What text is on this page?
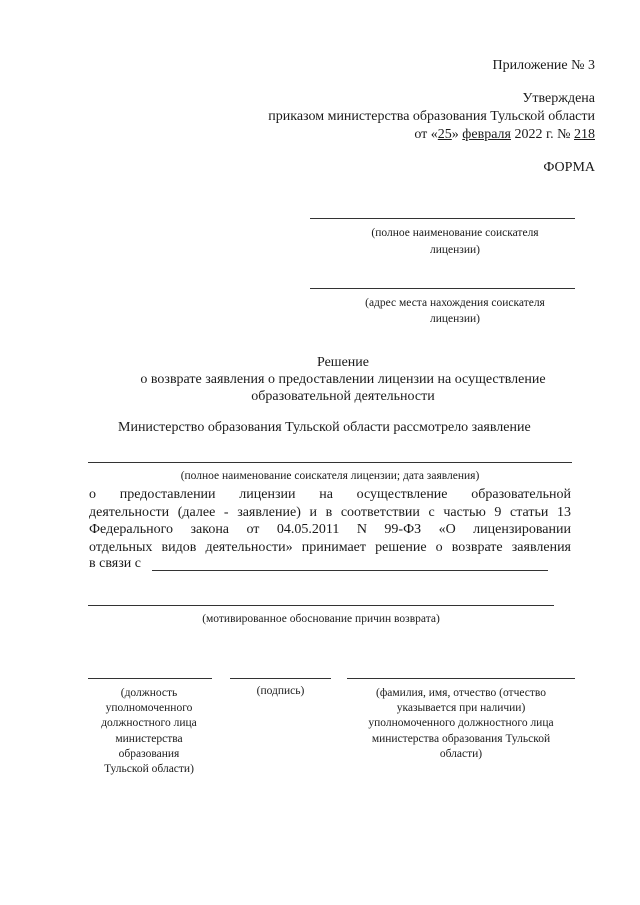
Приложение № 3
Утверждена
приказом министерства образования Тульской области
от «25» февраля 2022 г. № 218
ФОРМА
(полное наименование соискателя
лицензии)
(адрес места нахождения соискателя
лицензии)
Решение
о возврате заявления о предоставлении лицензии на осуществление
образовательной деятельности
Министерство образования Тульской области рассмотрело заявление
(полное наименование соискателя лицензии; дата заявления)
о предоставлении лицензии на осуществление образовательной
деятельности (далее - заявление) и в соответствии с частью 9 статьи 13
Федерального закона от 04.05.2011 N 99-ФЗ «О лицензировании
отдельных видов деятельности» принимает решение о возврате заявления
в связи с
(мотивированное обоснование причин возврата)
(должность
уполномоченного
должностного лица
министерства
образования
Тульской области)
(подпись)	(фамилия, имя, отчество (отчество
указывается при наличии)
уполномоченного должностного лица
министерства образования Тульской
области)
